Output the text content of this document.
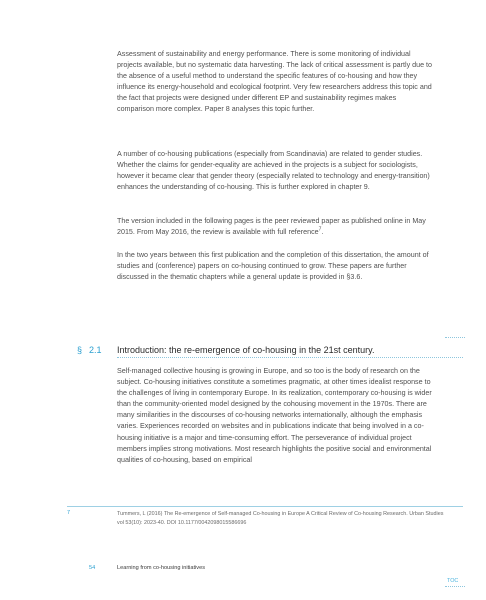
Assessment of sustainability and energy performance. There is some monitoring of individual projects available, but no systematic data harvesting. The lack of critical assessment is partly due to the absence of a useful method to understand the specific features of co-housing and how they influence its energy-household and ecological footprint. Very few researchers address this topic and the fact that projects were designed under different EP and sustainability regimes makes comparison more complex. Paper 8 analyses this topic further.

A number of co-housing publications (especially from Scandinavia) are related to gender studies. Whether the claims for gender-equality are achieved in the projects is a subject for sociologists, however it became clear that gender theory (especially related to technology and energy-transition) enhances the understanding of co-housing. This is further explored in chapter 9.

The version included in the following pages is the peer reviewed paper as published online in May 2015. From May 2016, the review is available with full reference$^7$.

In the two years between this first publication and the completion of this dissertation, the amount of studies and (conference) papers on co-housing continued to grow. These papers are further discussed in the thematic chapters while a general update is provided in §3.6.

§ 2.1 Introduction: the re-emergence of co-housing in the 21st century.

Self-managed collective housing is growing in Europe, and so too is the body of research on the subject. Co-housing initiatives constitute a sometimes pragmatic, at other times idealist response to the challenges of living in contemporary Europe. In its realization, contemporary co-housing is wider than the community-oriented model designed by the cohousing movement in the 1970s. There are many similarities in the discourses of co-housing networks internationally, although the emphasis varies. Experiences recorded on websites and in publications indicate that being involved in a co-housing initiative is a major and time-consuming effort. The perseverance of individual project members implies strong motivations. Most research highlights the positive social and environmental qualities of co-housing, based on empirical

7	Tummers, L (2016) The Re-emergence of Self-managed Co-housing in Europe A Critical Review of Co-housing Research. Urban Studies vol 53(10): 2023-40. DOI 10.1177/0042098015586696

54	Learning from co-housing initiatives
TOC
